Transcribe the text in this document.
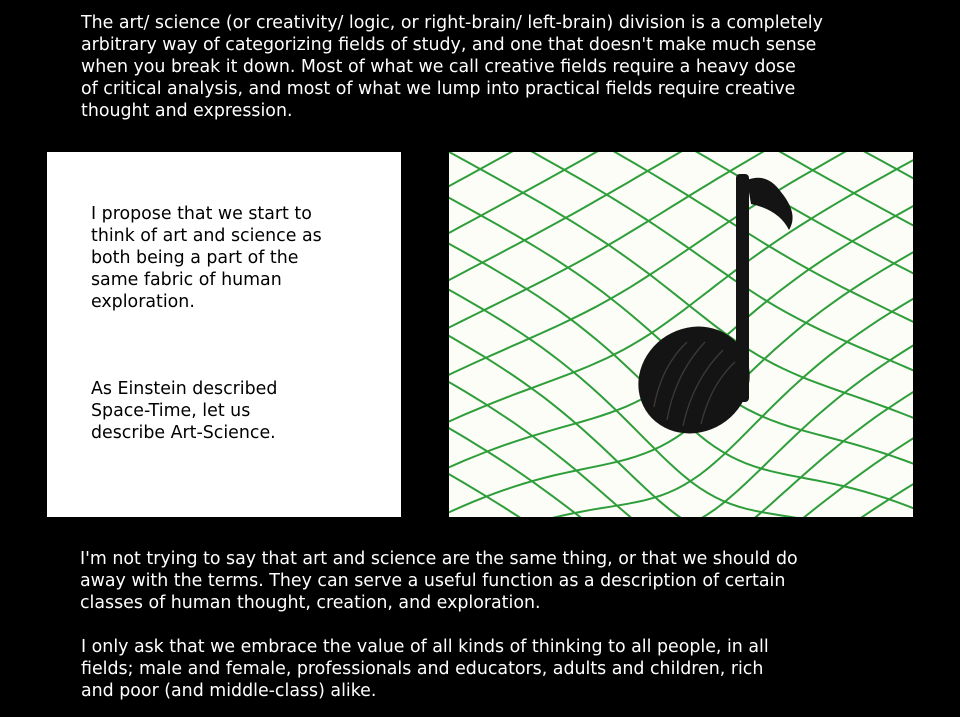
The art/ science (or creativity/ logic, or right-brain/ left-brain) division is a completely
arbitrary way of categorizing fields of study, and one that doesn't make much sense
when you break it down. Most of what we call creative fields require a heavy dose
of critical analysis, and most of what we lump into practical fields require creative
thought and expression.

I propose that we start to
think of art and science as
both being a part of the
same fabric of human
exploration.

As Einstein described
Space-Time, let us
describe Art-Science.

I'm not trying to say that art and science are the same thing, or that we should do
away with the terms. They can serve a useful function as a description of certain
classes of human thought, creation, and exploration.

I only ask that we embrace the value of all kinds of thinking to all people, in all
fields; male and female, professionals and educators, adults and children, rich
and poor (and middle-class) alike.
